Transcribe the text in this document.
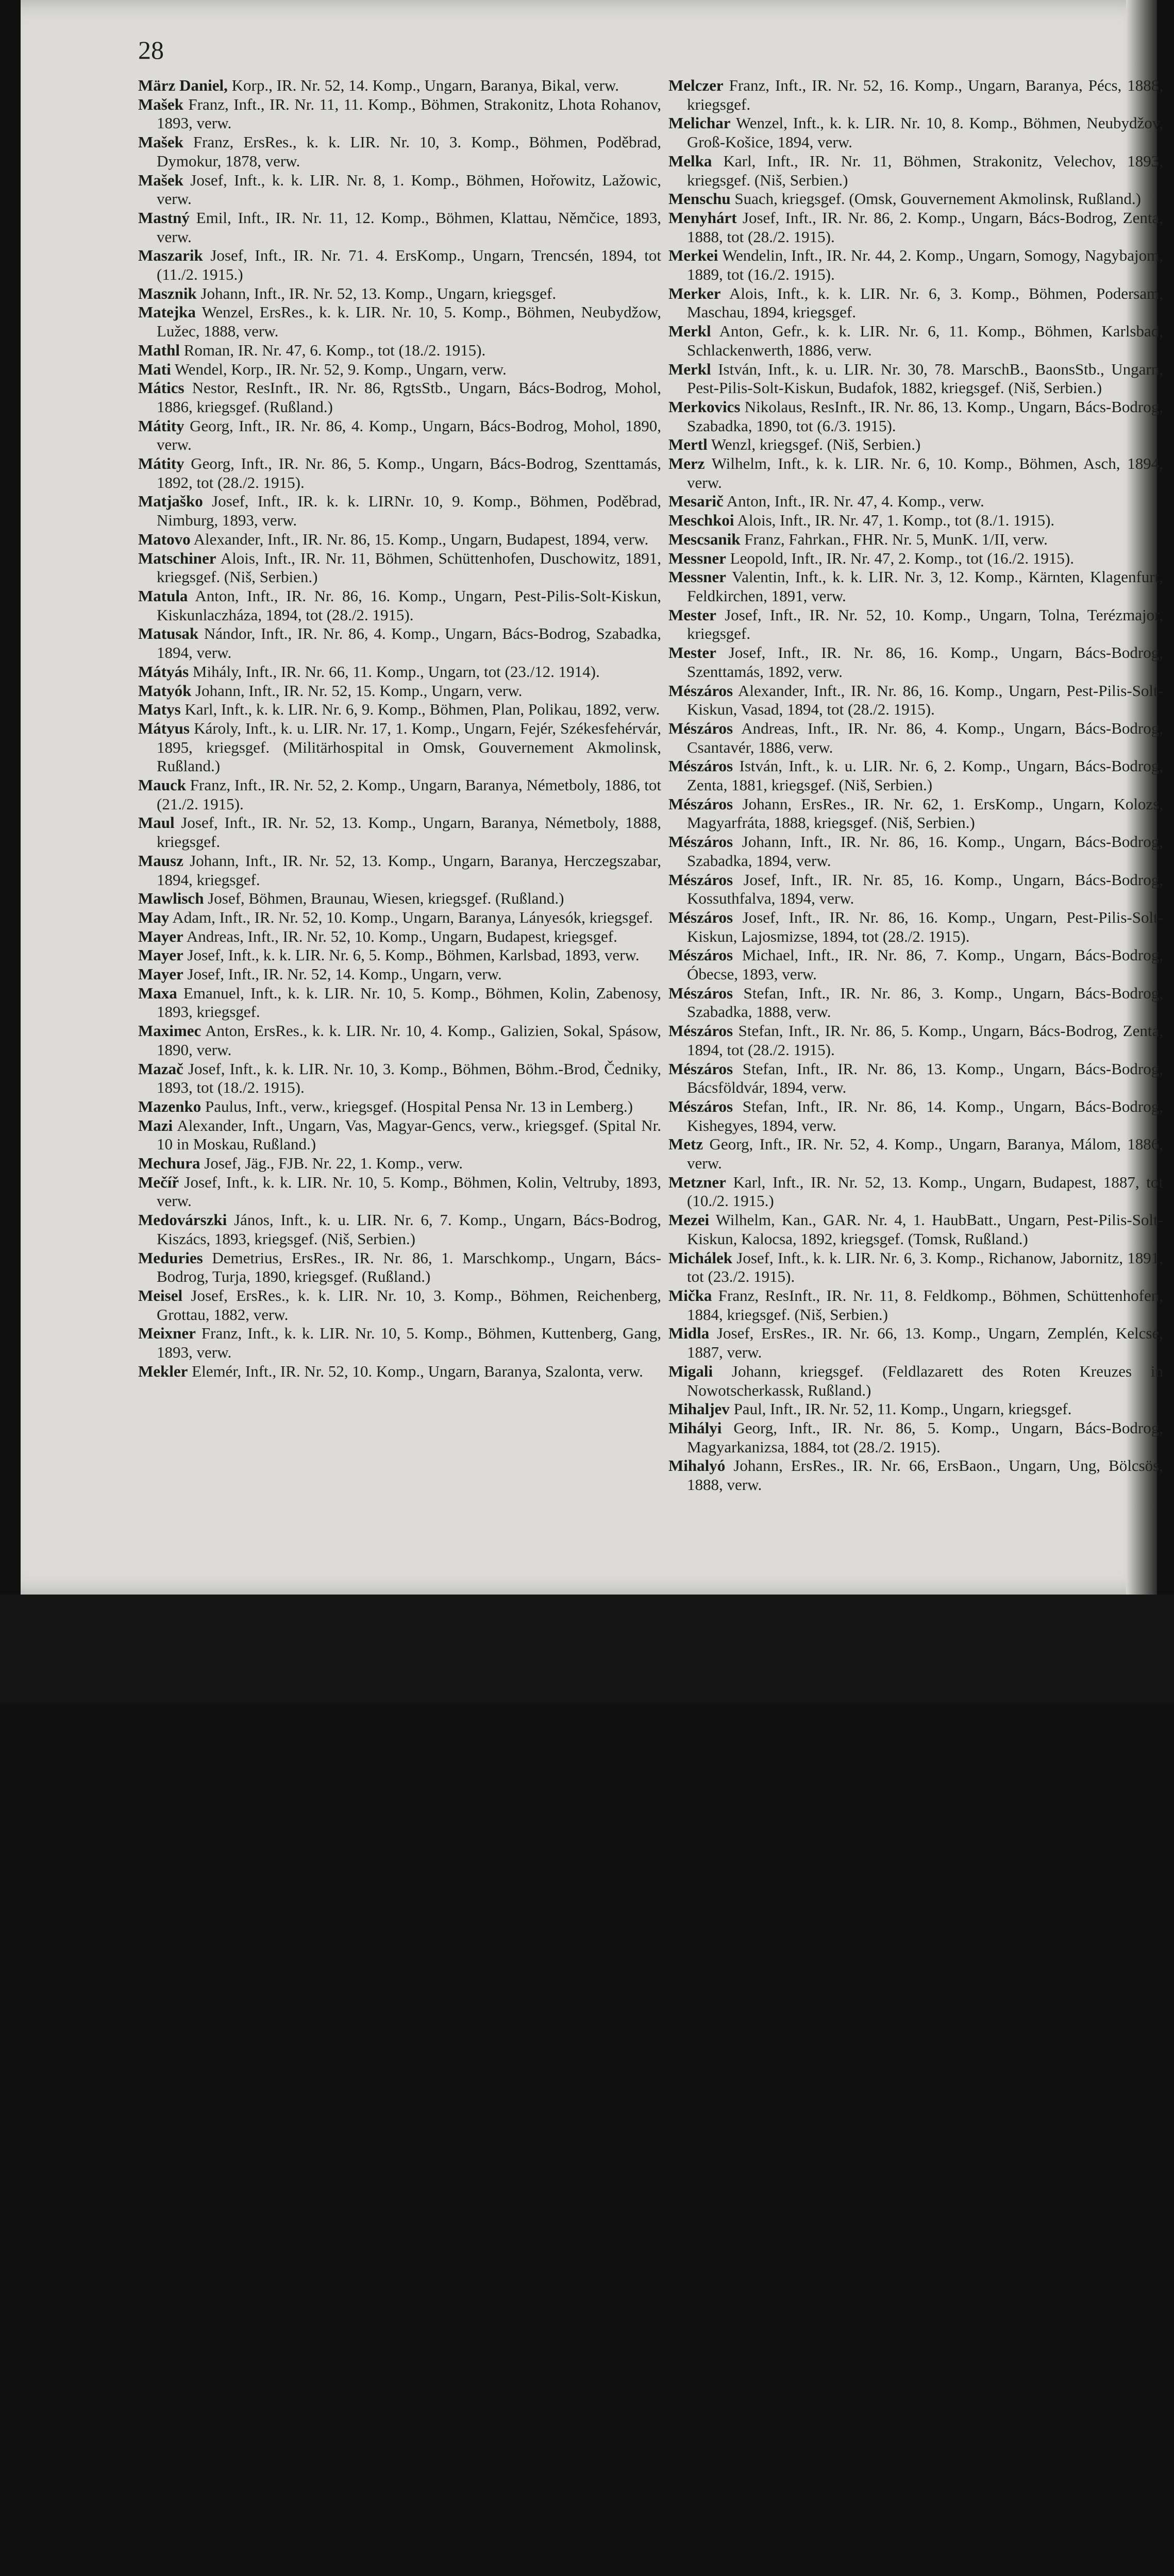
28

März Daniel, Korp., IR. Nr. 52, 14. Komp., Ungarn, Baranya, Bikal, verw.

Mašek Franz, Inft., IR. Nr. 11, 11. Komp., Böhmen, Strakonitz, Lhota Rohanov, 1893, verw.

Mašek Franz, ErsRes., k. k. LIR. Nr. 10, 3. Komp., Böhmen, Poděbrad, Dymokur, 1878, verw.

Mašek Josef, Inft., k. k. LIR. Nr. 8, 1. Komp., Böhmen, Hořowitz, Lažowic, verw.

Mastný Emil, Inft., IR. Nr. 11, 12. Komp., Böhmen, Klattau, Němčice, 1893, verw.

Maszarik Josef, Inft., IR. Nr. 71. 4. ErsKomp., Ungarn, Trencsén, 1894, tot (11./2. 1915.)

Masznik Johann, Inft., IR. Nr. 52, 13. Komp., Ungarn, kriegsgef.

Matejka Wenzel, ErsRes., k. k. LIR. Nr. 10, 5. Komp., Böhmen, Neubydžow, Lužec, 1888, verw.

Mathl Roman, IR. Nr. 47, 6. Komp., tot (18./2. 1915).

Mati Wendel, Korp., IR. Nr. 52, 9. Komp., Ungarn, verw.

Mátics Nestor, ResInft., IR. Nr. 86, RgtsStb., Ungarn, Bács-Bodrog, Mohol, 1886, kriegsgef. (Rußland.)

Mátity Georg, Inft., IR. Nr. 86, 4. Komp., Ungarn, Bács-Bodrog, Mohol, 1890, verw.

Mátity Georg, Inft., IR. Nr. 86, 5. Komp., Ungarn, Bács-Bodrog, Szenttamás, 1892, tot (28./2. 1915).

Matjaško Josef, Inft., IR. k. k. LIRNr. 10, 9. Komp., Böhmen, Poděbrad, Nimburg, 1893, verw.

Matovo Alexander, Inft., IR. Nr. 86, 15. Komp., Ungarn, Budapest, 1894, verw.

Matschiner Alois, Inft., IR. Nr. 11, Böhmen, Schüttenhofen, Duschowitz, 1891, kriegsgef. (Niš, Serbien.)

Matula Anton, Inft., IR. Nr. 86, 16. Komp., Ungarn, Pest-Pilis-Solt-Kiskun, Kiskunlaczháza, 1894, tot (28./2. 1915).

Matusak Nándor, Inft., IR. Nr. 86, 4. Komp., Ungarn, Bács-Bodrog, Szabadka, 1894, verw.

Mátyás Mihály, Inft., IR. Nr. 66, 11. Komp., Ungarn, tot (23./12. 1914).

Matyók Johann, Inft., IR. Nr. 52, 15. Komp., Ungarn, verw.

Matys Karl, Inft., k. k. LIR. Nr. 6, 9. Komp., Böhmen, Plan, Polikau, 1892, verw.

Mátyus Károly, Inft., k. u. LIR. Nr. 17, 1. Komp., Ungarn, Fejér, Székesfehérvár, 1895, kriegsgef. (Militärhospital in Omsk, Gouvernement Akmolinsk, Rußland.)

Mauck Franz, Inft., IR. Nr. 52, 2. Komp., Ungarn, Baranya, Németboly, 1886, tot (21./2. 1915).

Maul Josef, Inft., IR. Nr. 52, 13. Komp., Ungarn, Baranya, Németboly, 1888, kriegsgef.

Mausz Johann, Inft., IR. Nr. 52, 13. Komp., Ungarn, Baranya, Herczegszabar, 1894, kriegsgef.

Mawlisch Josef, Böhmen, Braunau, Wiesen, kriegsgef. (Rußland.)

May Adam, Inft., IR. Nr. 52, 10. Komp., Ungarn, Baranya, Lányesók, kriegsgef.

Mayer Andreas, Inft., IR. Nr. 52, 10. Komp., Ungarn, Budapest, kriegsgef.

Mayer Josef, Inft., k. k. LIR. Nr. 6, 5. Komp., Böhmen, Karlsbad, 1893, verw.

Mayer Josef, Inft., IR. Nr. 52, 14. Komp., Ungarn, verw.

Maxa Emanuel, Inft., k. k. LIR. Nr. 10, 5. Komp., Böhmen, Kolin, Zabenosy, 1893, kriegsgef.

Maximec Anton, ErsRes., k. k. LIR. Nr. 10, 4. Komp., Galizien, Sokal, Spásow, 1890, verw.

Mazač Josef, Inft., k. k. LIR. Nr. 10, 3. Komp., Böhmen, Böhm.-Brod, Čedniky, 1893, tot (18./2. 1915).

Mazenko Paulus, Inft., verw., kriegsgef. (Hospital Pensa Nr. 13 in Lemberg.)

Mazi Alexander, Inft., Ungarn, Vas, Magyar-Gencs, verw., kriegsgef. (Spital Nr. 10 in Moskau, Rußland.)

Mechura Josef, Jäg., FJB. Nr. 22, 1. Komp., verw.

Mečíř Josef, Inft., k. k. LIR. Nr. 10, 5. Komp., Böhmen, Kolin, Veltruby, 1893, verw.

Medovárszki János, Inft., k. u. LIR. Nr. 6, 7. Komp., Ungarn, Bács-Bodrog, Kiszács, 1893, kriegsgef. (Niš, Serbien.)

Meduries Demetrius, ErsRes., IR. Nr. 86, 1. Marschkomp., Ungarn, Bács-Bodrog, Turja, 1890, kriegsgef. (Rußland.)

Meisel Josef, ErsRes., k. k. LIR. Nr. 10, 3. Komp., Böhmen, Reichenberg, Grottau, 1882, verw.

Meixner Franz, Inft., k. k. LIR. Nr. 10, 5. Komp., Böhmen, Kuttenberg, Gang, 1893, verw.

Mekler Elemér, Inft., IR. Nr. 52, 10. Komp., Ungarn, Baranya, Szalonta, verw.

Melczer Franz, Inft., IR. Nr. 52, 16. Komp., Ungarn, Baranya, Pécs, 1888, kriegsgef.

Melichar Wenzel, Inft., k. k. LIR. Nr. 10, 8. Komp., Böhmen, Neubydžov, Groß-Košice, 1894, verw.

Melka Karl, Inft., IR. Nr. 11, Böhmen, Strakonitz, Velechov, 1893, kriegsgef. (Niš, Serbien.)

Menschu Suach, kriegsgef. (Omsk, Gouvernement Akmolinsk, Rußland.)

Menyhárt Josef, Inft., IR. Nr. 86, 2. Komp., Ungarn, Bács-Bodrog, Zenta, 1888, tot (28./2. 1915).

Merkei Wendelin, Inft., IR. Nr. 44, 2. Komp., Ungarn, Somogy, Nagybajom, 1889, tot (16./2. 1915).

Merker Alois, Inft., k. k. LIR. Nr. 6, 3. Komp., Böhmen, Podersam, Maschau, 1894, kriegsgef.

Merkl Anton, Gefr., k. k. LIR. Nr. 6, 11. Komp., Böhmen, Karlsbad, Schlackenwerth, 1886, verw.

Merkl István, Inft., k. u. LIR. Nr. 30, 78. MarschB., BaonsStb., Ungarn, Pest-Pilis-Solt-Kiskun, Budafok, 1882, kriegsgef. (Niš, Serbien.)

Merkovics Nikolaus, ResInft., IR. Nr. 86, 13. Komp., Ungarn, Bács-Bodrog, Szabadka, 1890, tot (6./3. 1915).

Mertl Wenzl, kriegsgef. (Niš, Serbien.)

Merz Wilhelm, Inft., k. k. LIR. Nr. 6, 10. Komp., Böhmen, Asch, 1894, verw.

Mesarič Anton, Inft., IR. Nr. 47, 4. Komp., verw.

Meschkoi Alois, Inft., IR. Nr. 47, 1. Komp., tot (8./1. 1915).

Mescsanik Franz, Fahrkan., FHR. Nr. 5, MunK. 1/II, verw.

Messner Leopold, Inft., IR. Nr. 47, 2. Komp., tot (16./2. 1915).

Messner Valentin, Inft., k. k. LIR. Nr. 3, 12. Komp., Kärnten, Klagenfurt, Feldkirchen, 1891, verw.

Mester Josef, Inft., IR. Nr. 52, 10. Komp., Ungarn, Tolna, Terézmajor, kriegsgef.

Mester Josef, Inft., IR. Nr. 86, 16. Komp., Ungarn, Bács-Bodrog, Szenttamás, 1892, verw.

Mészáros Alexander, Inft., IR. Nr. 86, 16. Komp., Ungarn, Pest-Pilis-Solt-Kiskun, Vasad, 1894, tot (28./2. 1915).

Mészáros Andreas, Inft., IR. Nr. 86, 4. Komp., Ungarn, Bács-Bodrog, Csantavér, 1886, verw.

Mészáros István, Inft., k. u. LIR. Nr. 6, 2. Komp., Ungarn, Bács-Bodrog, Zenta, 1881, kriegsgef. (Niš, Serbien.)

Mészáros Johann, ErsRes., IR. Nr. 62, 1. ErsKomp., Ungarn, Kolozs, Magyarfráta, 1888, kriegsgef. (Niš, Serbien.)

Mészáros Johann, Inft., IR. Nr. 86, 16. Komp., Ungarn, Bács-Bodrog, Szabadka, 1894, verw.

Mészáros Josef, Inft., IR. Nr. 85, 16. Komp., Ungarn, Bács-Bodrog, Kossuthfalva, 1894, verw.

Mészáros Josef, Inft., IR. Nr. 86, 16. Komp., Ungarn, Pest-Pilis-Solt-Kiskun, Lajosmizse, 1894, tot (28./2. 1915).

Mészáros Michael, Inft., IR. Nr. 86, 7. Komp., Ungarn, Bács-Bodrog, Óbecse, 1893, verw.

Mészáros Stefan, Inft., IR. Nr. 86, 3. Komp., Ungarn, Bács-Bodrog, Szabadka, 1888, verw.

Mészáros Stefan, Inft., IR. Nr. 86, 5. Komp., Ungarn, Bács-Bodrog, Zenta, 1894, tot (28./2. 1915).

Mészáros Stefan, Inft., IR. Nr. 86, 13. Komp., Ungarn, Bács-Bodrog, Bácsföldvár, 1894, verw.

Mészáros Stefan, Inft., IR. Nr. 86, 14. Komp., Ungarn, Bács-Bodrog, Kishegyes, 1894, verw.

Metz Georg, Inft., IR. Nr. 52, 4. Komp., Ungarn, Baranya, Málom, 1886, verw.

Metzner Karl, Inft., IR. Nr. 52, 13. Komp., Ungarn, Budapest, 1887, tot (10./2. 1915.)

Mezei Wilhelm, Kan., GAR. Nr. 4, 1. HaubBatt., Ungarn, Pest-Pilis-Solt-Kiskun, Kalocsa, 1892, kriegsgef. (Tomsk, Rußland.)

Michálek Josef, Inft., k. k. LIR. Nr. 6, 3. Komp., Richanow, Jabornitz, 1891, tot (23./2. 1915).

Mička Franz, ResInft., IR. Nr. 11, 8. Feldkomp., Böhmen, Schüttenhofen, 1884, kriegsgef. (Niš, Serbien.)

Midla Josef, ErsRes., IR. Nr. 66, 13. Komp., Ungarn, Zemplén, Kelcse, 1887, verw.

Migali Johann, kriegsgef. (Feldlazarett des Roten Kreuzes in Nowotscherkassk, Rußland.)

Mihaljev Paul, Inft., IR. Nr. 52, 11. Komp., Ungarn, kriegsgef.

Mihályi Georg, Inft., IR. Nr. 86, 5. Komp., Ungarn, Bács-Bodrog, Magyarkanizsa, 1884, tot (28./2. 1915).

Mihalyó Johann, ErsRes., IR. Nr. 66, ErsBaon., Ungarn, Ung, Bölcsös, 1888, verw.
